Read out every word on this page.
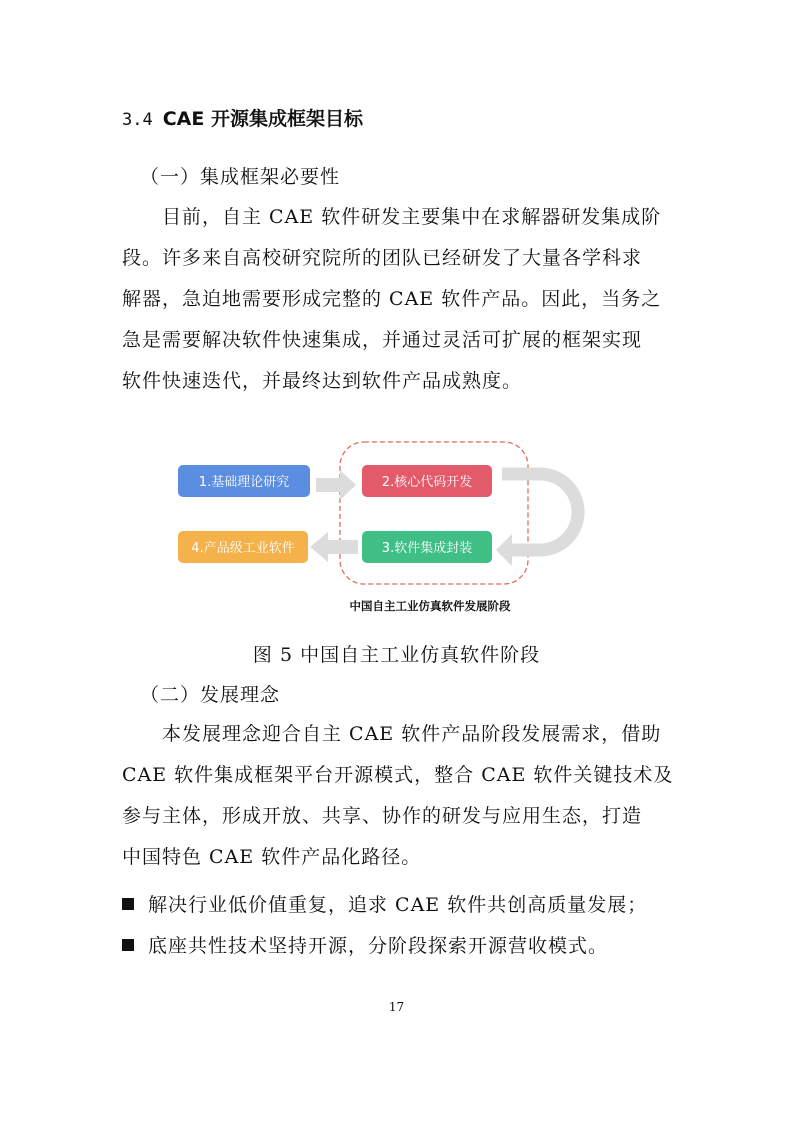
3.4 CAE 开源集成框架目标
（一）集成框架必要性
目前，自主 CAE 软件研发主要集中在求解器研发集成阶
段。许多来自高校研究院所的团队已经研发了大量各学科求
解器，急迫地需要形成完整的 CAE 软件产品。因此，当务之
急是需要解决软件快速集成，并通过灵活可扩展的框架实现
软件快速迭代，并最终达到软件产品成熟度。
1.基础理论研究	2.核心代码开发
3.软件集成封装
4.产品级工业软件
中国自主工业仿真软件发展阶段
图 5 中国自主工业仿真软件阶段
（二）发展理念
本发展理念迎合自主 CAE 软件产品阶段发展需求，借助
CAE 软件集成框架平台开源模式，整合 CAE 软件关键技术及
参与主体，形成开放、共享、协作的研发与应用生态，打造
中国特色 CAE 软件产品化路径。
解决行业低价值重复，追求 CAE 软件共创高质量发展；
底座共性技术坚持开源，分阶段探索开源营收模式。
17
